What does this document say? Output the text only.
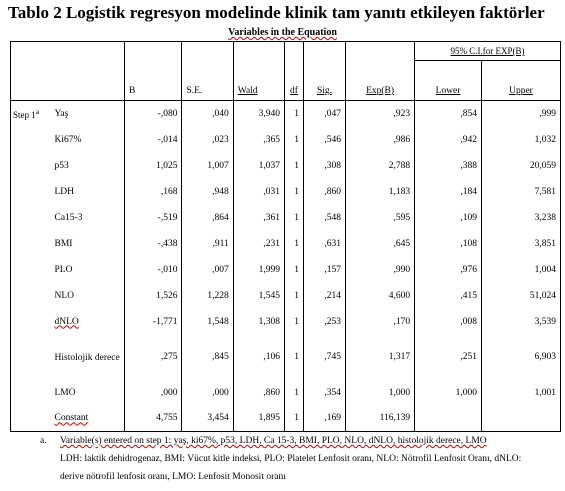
Tablo 2 Logistik regresyon modelinde klinik tam yanıtı etkileyen faktörler
Variables in the Equation
								95% C.I.for EXP(B)	
		B	S.E.	Wald	df	Sig.	Exp(B)	Lower	Upper
Step 1$^a$	Yaş	-,080	,040	3,940	1	,047	,923	,854	,999
	Ki67%	-,014	,023	,365	1	,546	,986	,942	1,032
	p53	1,025	1,007	1,037	1	,308	2,788	,388	20,059
	LDH	,168	,948	,031	1	,860	1,183	,184	7,581
	Ca15-3	-,519	,864	,361	1	,548	,595	,109	3,238
	BMI	-,438	,911	,231	1	,631	,645	,108	3,851
	PLO	-,010	,007	1,999	1	,157	,990	,976	1,004
	NLO	1,526	1,228	1,545	1	,214	4,600	,415	51,024
	dNLO	-1,771	1,548	1,308	1	,253	,170	,008	3,539
	Histolojik derece	,275	,845	,106	1	,745	1,317	,251	6,903
	LMO	,000	,000	,860	1	,354	1,000	1,000	1,001
	Constant	4,755	3,454	1,895	1	,169	116,139		
a.	Variable(s) entered on step 1: yaş, ki67%, p53, LDH, Ca 15-3, BMI, PLO, NLO, dNLO, histolojik derece, LMO
LDH: laktik dehidrogenaz, BMI: Vücut kitle indeksi, PLO: Platelet Lenfosit oranı, NLO: Nötrofil Lenfosit Oranı, dNLO:
derive nötrofil lenfosit oranı, LMO: Lenfosit Monosit oranı
